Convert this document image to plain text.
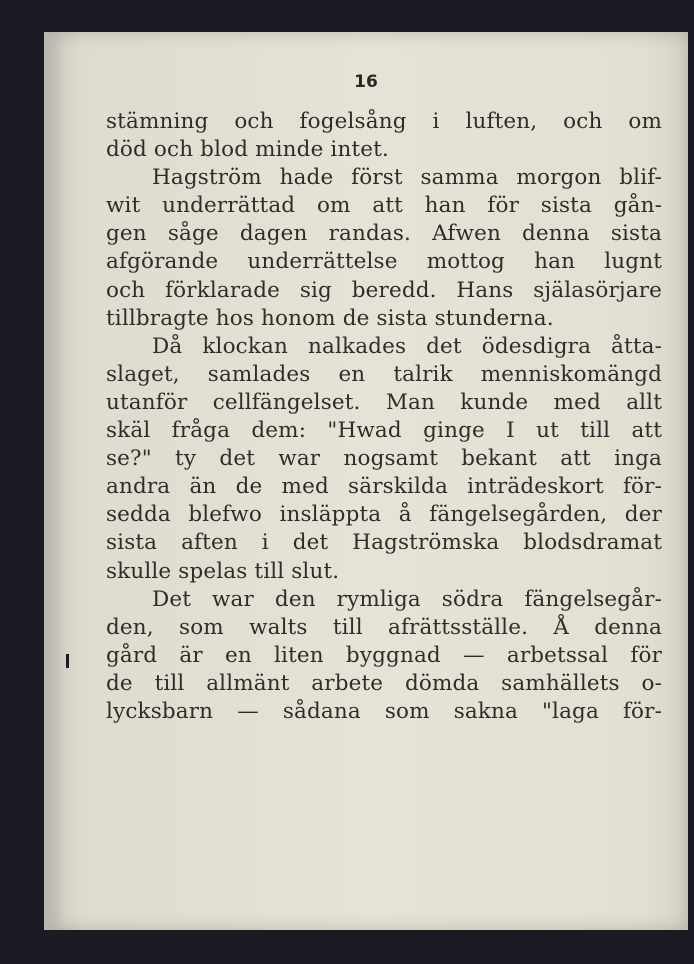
16
stämning och fogelsång i luften, och om
död och blod minde intet.
Hagström hade först samma morgon blif-
wit underrättad om att han för sista gån-
gen såge dagen randas. Afwen denna sista
afgörande underrättelse mottog han lugnt
och förklarade sig beredd. Hans själasörjare
tillbragte hos honom de sista stunderna.
Då klockan nalkades det ödesdigra åtta-
slaget, samlades en talrik menniskomängd
utanför cellfängelset. Man kunde med allt
skäl fråga dem: "Hwad ginge I ut till att
se?" ty det war nogsamt bekant att inga
andra än de med särskilda inträdeskort för-
sedda blefwo insläppta å fängelsegården, der
sista aften i det Hagströmska blodsdramat
skulle spelas till slut.
Det war den rymliga södra fängelsegår-
den, som walts till afrättsställe. Å denna
gård är en liten byggnad — arbetssal för
de till allmänt arbete dömda samhällets o-
lycksbarn — sådana som sakna "laga för-
